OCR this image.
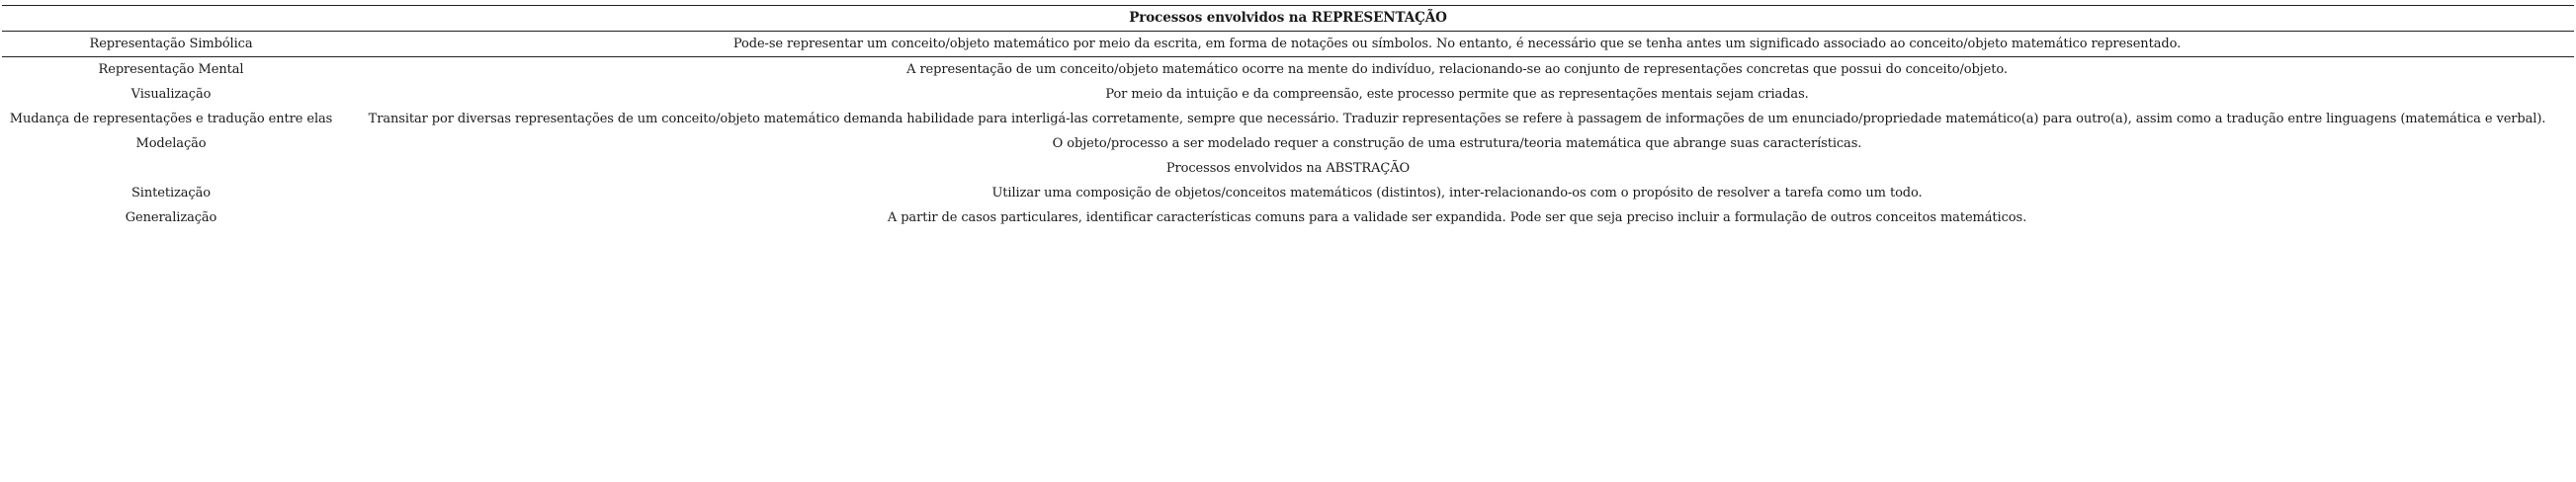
Processos envolvidos na REPRESENTAÇÃO	
Representação Simbólica	Pode-se representar um conceito/objeto matemático por meio da escrita, em forma de notações ou símbolos. No entanto, é necessário que se tenha antes um significado associado ao conceito/objeto matemático representado.
Representação Mental	A representação de um conceito/objeto matemático ocorre na mente do indivíduo, relacionando-se ao conjunto de representações concretas que possui do conceito/objeto.
Visualização	Por meio da intuição e da compreensão, este processo permite que as representações mentais sejam criadas.
Mudança de representações e tradução entre elas	Transitar por diversas representações de um conceito/objeto matemático demanda habilidade para interligá-las corretamente, sempre que necessário. Traduzir representações se refere à passagem de informações de um enunciado/propriedade matemático(a) para outro(a), assim como a tradução entre linguagens (matemática e verbal).
Modelação	O objeto/processo a ser modelado requer a construção de uma estrutura/teoria matemática que abrange suas características.
Processos envolvidos na ABSTRAÇÃO	
Sintetização	Utilizar uma composição de objetos/conceitos matemáticos (distintos), inter-relacionando-os com o propósito de resolver a tarefa como um todo.
Generalização	A partir de casos particulares, identificar características comuns para a validade ser expandida. Pode ser que seja preciso incluir a formulação de outros conceitos matemáticos.
